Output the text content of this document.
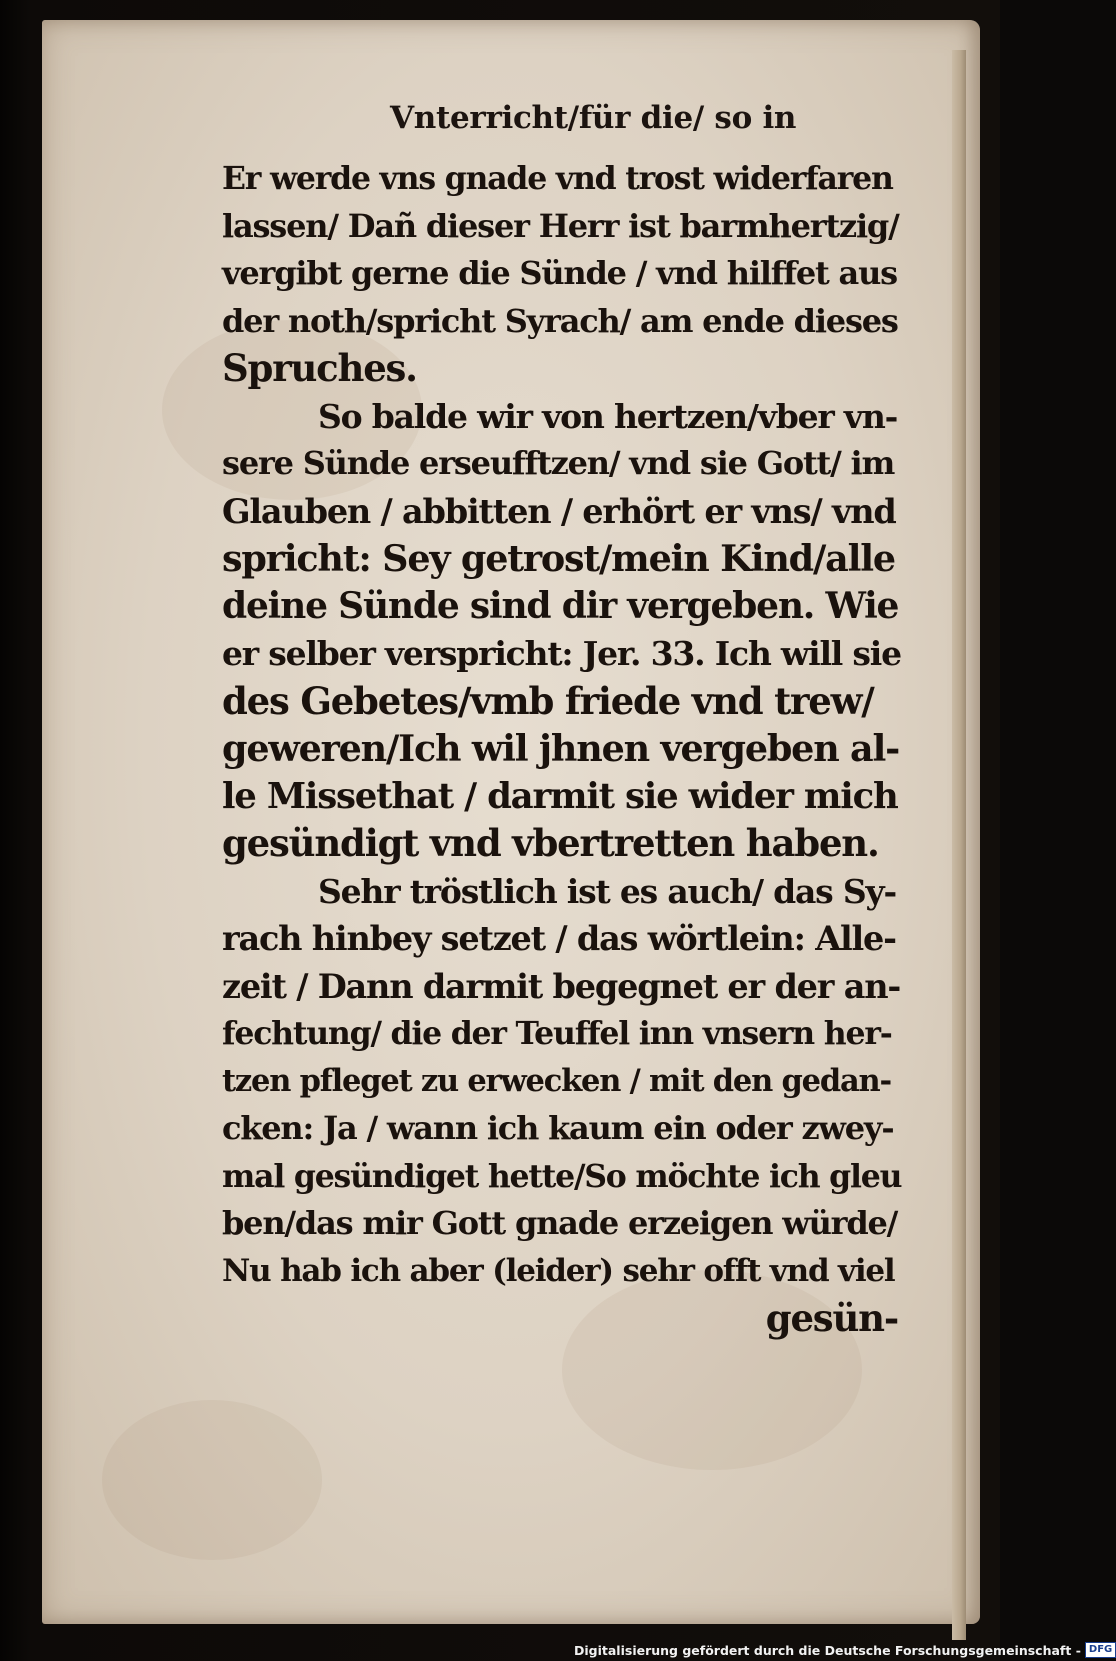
Vnterricht/für die/ so in
Er werde vns gnade vnd trost widerfaren
lassen/ Dañ dieser Herr ist barmhertzig/
vergibt gerne die Sünde / vnd hilffet aus
der noth/spricht Syrach/ am ende dieses
Spruches.
So balde wir von hertzen/vber vn-
sere Sünde erseufftzen/ vnd sie Gott/ im
Glauben / abbitten / erhört er vns/ vnd
spricht: Sey getrost/mein Kind/alle
deine Sünde sind dir vergeben. Wie
er selber verspricht: Jer. 33. Ich will sie
des Gebetes/vmb friede vnd trew/
geweren/Ich wil jhnen vergeben al-
le Missethat / darmit sie wider mich
gesündigt vnd vbertretten haben.
Sehr tröstlich ist es auch/ das Sy-
rach hinbey setzet / das wörtlein: Alle-
zeit / Dann darmit begegnet er der an-
fechtung/ die der Teuffel inn vnsern her-
tzen pfleget zu erwecken / mit den gedan-
cken: Ja / wann ich kaum ein oder zwey-
mal gesündiget hette/So möchte ich gleu
ben/das mir Gott gnade erzeigen würde/
Nu hab ich aber (leider) sehr offt vnd viel
gesün-
Digitalisierung gefördert durch die Deutsche Forschungsgemeinschaft - DFG
